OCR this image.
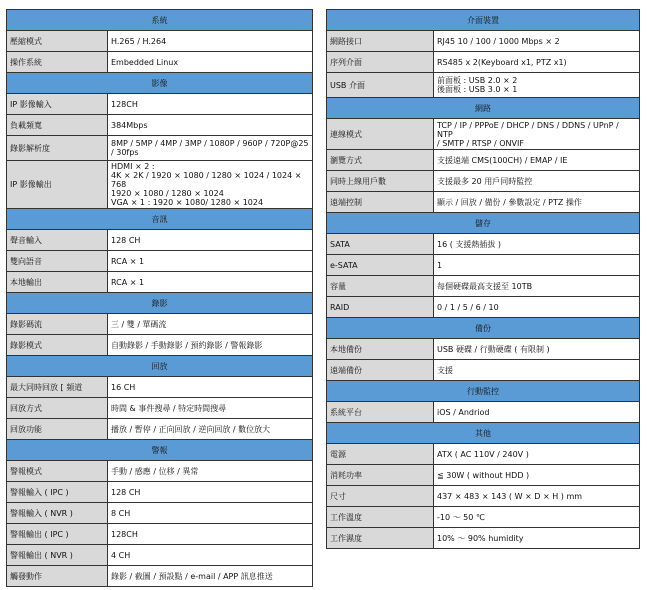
系統	
壓縮模式	H.265 / H.264
操作系統	Embedded Linux
影像	
IP 影像輸入	128CH
負載頻寬	384Mbps
錄影解析度	8MP / 5MP / 4MP / 3MP / 1080P / 960P / 720P@25
/ 30fps
IP 影像輸出	HDMI × 2 :
4K × 2K / 1920 × 1080 / 1280 × 1024 / 1024 × 768
1920 × 1080 / 1280 × 1024
VGA × 1 : 1920 × 1080/ 1280 × 1024
音訊	
聲音輸入	128 CH
雙向語音	RCA × 1
本地輸出	RCA × 1
錄影	
錄影碼流	三 / 雙 / 單碼流
錄影模式	自動錄影 / 手動錄影 / 預約錄影 / 警報錄影
回放	
最大同時回放 [ 頻道	16 CH
回放方式	時間 & 事件搜尋 / 特定時間搜尋
回放功能	播放 / 暫停 / 正向回放 / 逆向回放 / 數位放大
警報	
警報模式	手動 / 感應 / 位移 / 異常
警報輸入 ( IPC )	128 CH
警報輸入 ( NVR )	8 CH
警報輸出 ( IPC )	128CH
警報輸出 ( NVR )	4 CH
觸發動作	錄影 / 截圖 / 預設點 / e-mail / APP 訊息推送
介面裝置	
網路接口	RJ45 10 / 100 / 1000 Mbps × 2
序列介面	RS485 x 2(Keyboard x1, PTZ x1)
USB 介面	前面板 : USB 2.0 × 2
後面板 : USB 3.0 × 1
網路	
連線模式	TCP / IP / PPPoE / DHCP / DNS / DDNS / UPnP / NTP
/ SMTP / RTSP / ONVIF
瀏覽方式	支援遠端 CMS(100CH) / EMAP / IE
同時上線用戶數	支援最多 20 用戶同時監控
遠端控制	顯示 / 回放 / 備份 / 參數設定 / PTZ 操作
儲存	
SATA	16 ( 支援熱插拔 )
e-SATA	1
容量	每個硬碟最高支援至 10TB
RAID	0 / 1 / 5 / 6 / 10
備份	
本地備份	USB 硬碟 / 行動硬碟 ( 有限制 )
遠端備份	支援
行動監控	
系統平台	iOS / Andriod
其他	
電源	ATX ( AC 110V / 240V )
消耗功率	≦ 30W ( without HDD )
尺寸	437 × 483 × 143 ( W × D × H ) mm
工作溫度	-10 ～ 50 ℃
工作濕度	10% ～ 90% humidity
